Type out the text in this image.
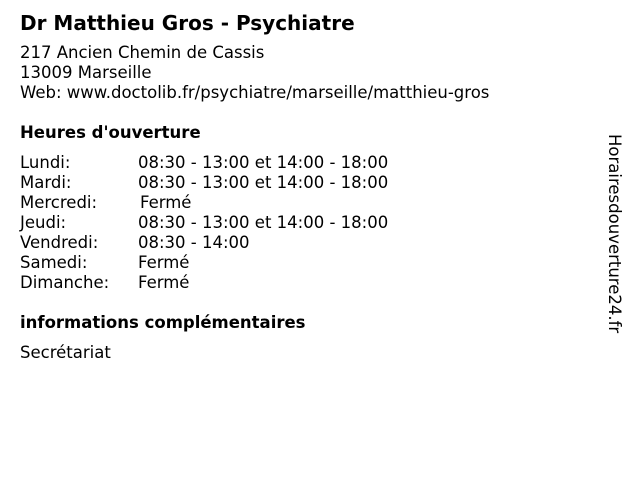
Dr Matthieu Gros - Psychiatre
217 Ancien Chemin de Cassis
13009 Marseille
Web: www.doctolib.fr/psychiatre/marseille/matthieu-gros
Heures d'ouverture
Lundi:	08:30 - 13:00 et 14:00 - 18:00
Mardi:	08:30 - 13:00 et 14:00 - 18:00
Mercredi:	Fermé
Jeudi:	08:30 - 13:00 et 14:00 - 18:00
Vendredi: 08:30 - 14:00
Samedi:	Fermé
Dimanche: Fermé
informations complémentaires
Secrétariat
Horairesdouverture24.fr
